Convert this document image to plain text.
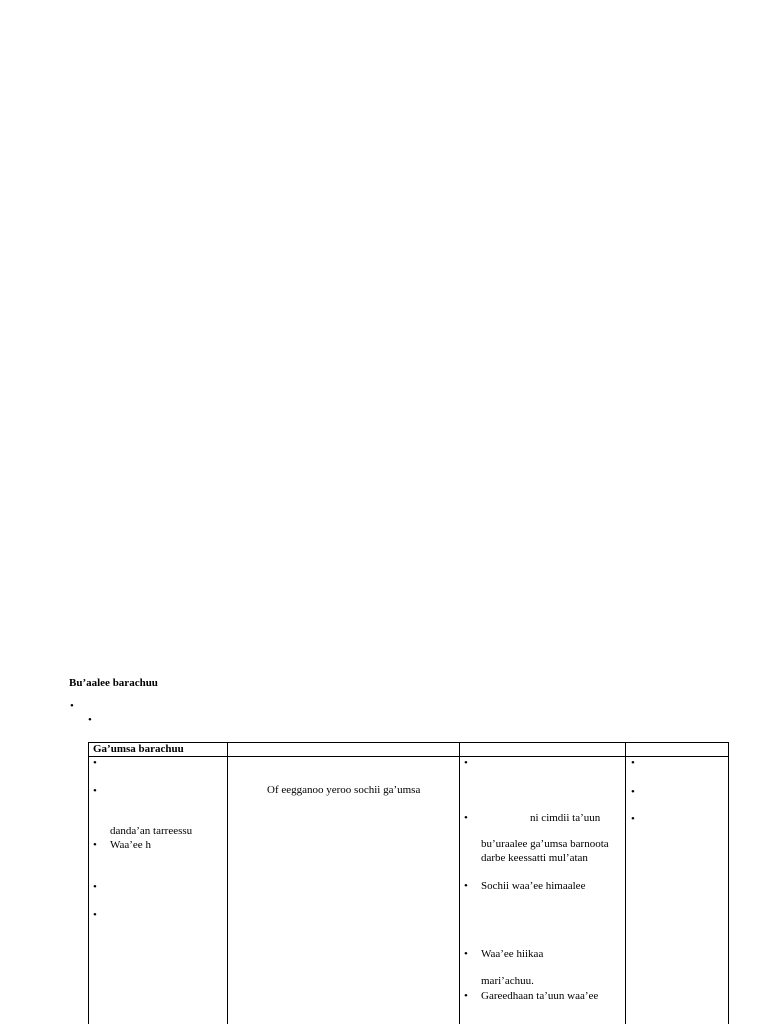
Bu’aalee barachuu
•
•
Ga’umsa barachuu
•
•
danda’an tarreessu
•
Waa’ee h
•
•
Of eegganoo yeroo sochii ga’umsa
•
•
ni cimdii ta’uun
bu’uraalee ga’umsa barnoota
darbe keessatti mul’atan
•
Sochii waa’ee himaalee
•
Waa’ee hiikaa
mari’achuu.
•
Gareedhaan ta’uun waa’ee
•
•
•
